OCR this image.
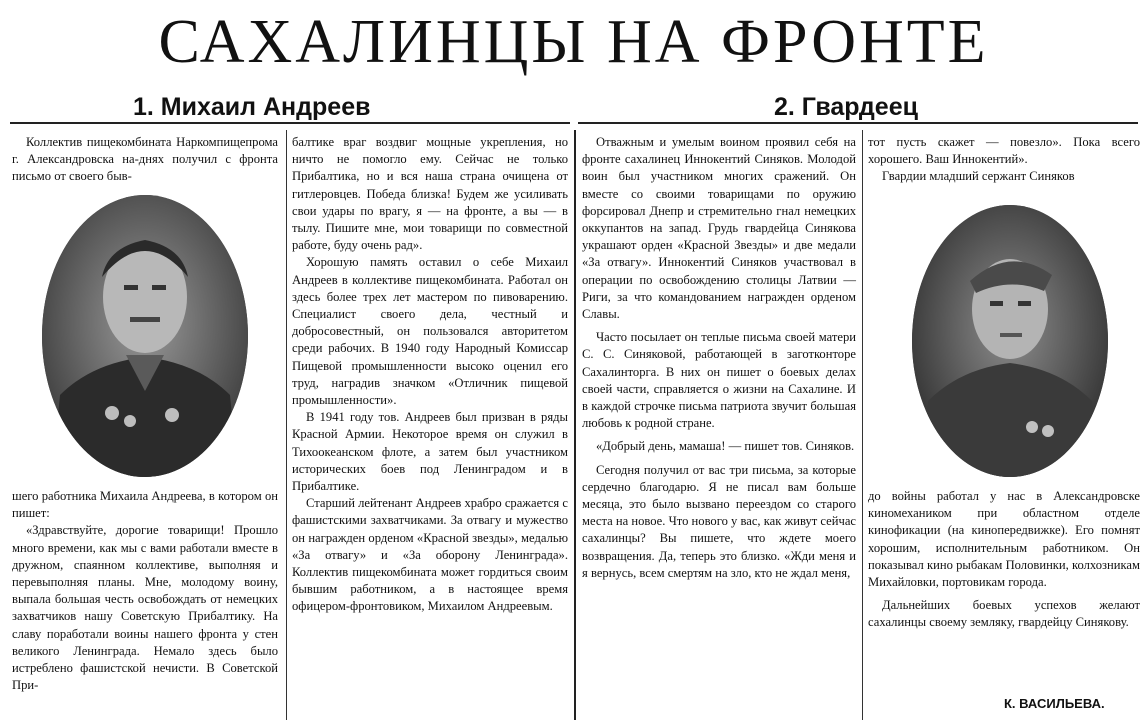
САХАЛИНЦЫ НА ФРОНТЕ
1. Михаил Андреев	2. Гвардеец

Коллектив пищекомбината Наркомпищепрома г. Александровска на-днях получил с фронта письмо от своего быв-

шего работника Михаила Андреева, в котором он пишет:

«Здравствуйте, дорогие товарищи! Прошло много времени, как мы с вами работали вместе в дружном, спаянном коллективе, выполняя и перевыполняя планы. Мне, молодому воину, выпала большая честь освобождать от немецких захватчиков нашу Советскую Прибалтику. На славу поработали воины нашего фронта у стен великого Ленинграда. Немало здесь было истреблено фашистской нечисти. В Советской При-

балтике враг воздвиг мощные укрепления, но ничто не помогло ему. Сейчас не только Прибалтика, но и вся наша страна очищена от гитлеровцев. Победа близка! Будем же усиливать свои удары по врагу, я — на фронте, а вы — в тылу. Пишите мне, мои товарищи по совместной работе, буду очень рад».

Хорошую память оставил о себе Михаил Андреев в коллективе пищекомбината. Работал он здесь более трех лет мастером по пивоварению. Специалист своего дела, честный и добросовестный, он пользовался авторитетом среди рабочих. В 1940 году Народный Комиссар Пищевой промышленности высоко оценил его труд, наградив значком «Отличник пищевой промышленности».

В 1941 году тов. Андреев был призван в ряды Красной Армии. Некоторое время он служил в Тихоокеанском флоте, а затем был участником исторических боев под Ленинградом и в Прибалтике.

Старший лейтенант Андреев храбро сражается с фашистскими захватчиками. За отвагу и мужество он награжден орденом «Красной звезды», медалью «За отвагу» и «За оборону Ленинграда». Коллектив пищекомбината может гордиться своим бывшим работником, а в настоящее время офицером-фронтовиком, Михаилом Андреевым.

Отважным и умелым воином проявил себя на фронте сахалинец Иннокентий Синяков. Молодой воин был участником многих сражений. Он вместе со своими товарищами по оружию форсировал Днепр и стремительно гнал немецких оккупантов на запад. Грудь гвардейца Синякова украшают орден «Красной Звезды» и две медали «За отвагу». Иннокентий Синяков участвовал в операции по освобождению столицы Латвии — Риги, за что командованием награжден орденом Славы.

Часто посылает он теплые письма своей матери С. С. Синяковой, работающей в заготконторе Сахалинторга. В них он пишет о боевых делах своей части, справляется о жизни на Сахалине. И в каждой строчке письма патриота звучит большая любовь к родной стране.

«Добрый день, мамаша! — пишет тов. Синяков.

Сегодня получил от вас три письма, за которые сердечно благодарю. Я не писал вам больше месяца, это было вызвано переездом со старого места на новое. Что нового у вас, как живут сейчас сахалинцы? Вы пишете, что ждете моего возвращения. Да, теперь это близко. «Жди меня и я вернусь, всем смертям на зло, кто не ждал меня,

тот пусть скажет — повезло». Пока всего хорошего. Ваш Иннокентий».

Гвардии младший сержант Синяков

до войны работал у нас в Александровске киномехаником при областном отделе кинофикации (на кинопередвижке). Его помнят хорошим, исполнительным работником. Он показывал кино рыбакам Половинки, колхозникам Михайловки, портовикам города.

Дальнейших боевых успехов желают сахалинцы своему земляку, гвардейцу Синякову.

К. ВАСИЛЬЕВА.
